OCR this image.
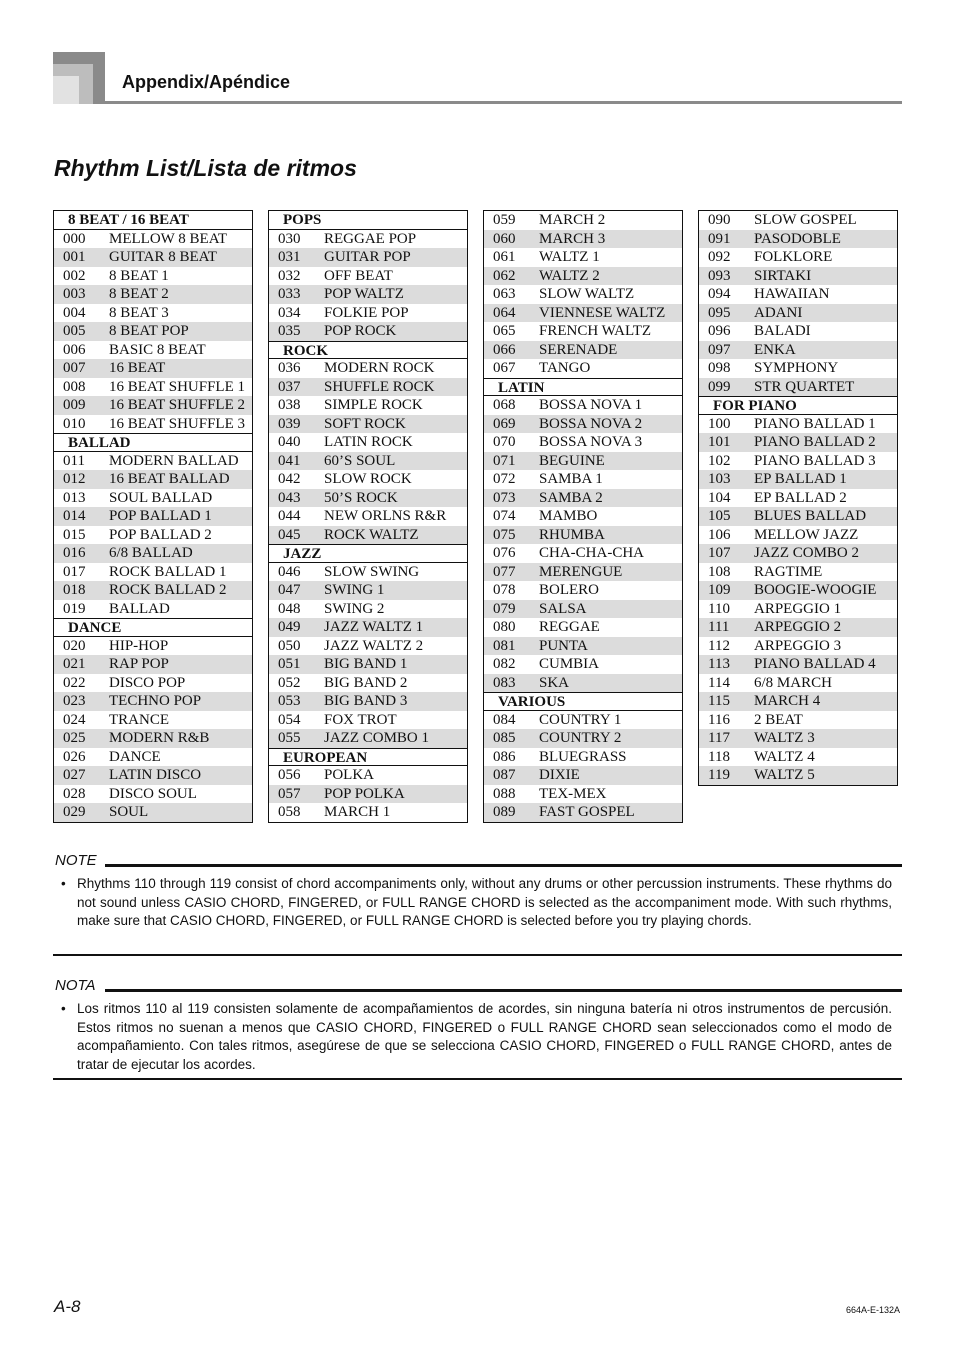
Appendix/Apéndice
Rhythm List/Lista de ritmos
8 BEAT / 16 BEAT
000 MELLOW 8 BEAT
001 GUITAR 8 BEAT
002 8 BEAT 1
003 8 BEAT 2
004 8 BEAT 3
005 8 BEAT POP
006 BASIC 8 BEAT
007 16 BEAT
008 16 BEAT SHUFFLE 1
009 16 BEAT SHUFFLE 2
010 16 BEAT SHUFFLE 3
BALLAD
011 MODERN BALLAD
012 16 BEAT BALLAD
013 SOUL BALLAD
014 POP BALLAD 1
015 POP BALLAD 2
016 6/8 BALLAD
017 ROCK BALLAD 1
018 ROCK BALLAD 2
019 BALLAD
DANCE
020 HIP-HOP
021 RAP POP
022 DISCO POP
023 TECHNO POP
024 TRANCE
025 MODERN R&B
026 DANCE
027 LATIN DISCO
028 DISCO SOUL
029 SOUL
POPS
030 REGGAE POP
031 GUITAR POP
032 OFF BEAT
033 POP WALTZ
034 FOLKIE POP
035 POP ROCK
ROCK
036 MODERN ROCK
037 SHUFFLE ROCK
038 SIMPLE ROCK
039 SOFT ROCK
040 LATIN ROCK
041 60’S SOUL
042 SLOW ROCK
043 50’S ROCK
044 NEW ORLNS R&R
045 ROCK WALTZ
JAZZ
046 SLOW SWING
047 SWING 1
048 SWING 2
049 JAZZ WALTZ 1
050 JAZZ WALTZ 2
051 BIG BAND 1
052 BIG BAND 2
053 BIG BAND 3
054 FOX TROT
055 JAZZ COMBO 1
EUROPEAN
056 POLKA
057 POP POLKA
058 MARCH 1
059 MARCH 2
060 MARCH 3
061 WALTZ 1
062 WALTZ 2
063 SLOW WALTZ
064 VIENNESE WALTZ
065 FRENCH WALTZ
066 SERENADE
067 TANGO
LATIN
068 BOSSA NOVA 1
069 BOSSA NOVA 2
070 BOSSA NOVA 3
071 BEGUINE
072 SAMBA 1
073 SAMBA 2
074 MAMBO
075 RHUMBA
076 CHA-CHA-CHA
077 MERENGUE
078 BOLERO
079 SALSA
080 REGGAE
081 PUNTA
082 CUMBIA
083 SKA
VARIOUS
084 COUNTRY 1
085 COUNTRY 2
086 BLUEGRASS
087 DIXIE
088 TEX-MEX
089 FAST GOSPEL
090 SLOW GOSPEL
091 PASODOBLE
092 FOLKLORE
093 SIRTAKI
094 HAWAIIAN
095 ADANI
096 BALADI
097 ENKA
098 SYMPHONY
099 STR QUARTET
FOR PIANO
100 PIANO BALLAD 1
101 PIANO BALLAD 2
102 PIANO BALLAD 3
103 EP BALLAD 1
104 EP BALLAD 2
105 BLUES BALLAD
106 MELLOW JAZZ
107 JAZZ COMBO 2
108 RAGTIME
109 BOOGIE-WOOGIE
110 ARPEGGIO 1
111 ARPEGGIO 2
112 ARPEGGIO 3
113 PIANO BALLAD 4
114 6/8 MARCH
115 MARCH 4
116 2 BEAT
117 WALTZ 3
118 WALTZ 4
119 WALTZ 5
NOTE
• Rhythms 110 through 119 consist of chord accompaniments only, without any drums or other percussion instruments. These rhythms do not sound unless CASIO CHORD, FINGERED, or FULL RANGE CHORD is selected as the accompaniment mode. With such rhythms, make sure that CASIO CHORD, FINGERED, or FULL RANGE CHORD is selected before you try playing chords.
NOTA
• Los ritmos 110 al 119 consisten solamente de acompañamientos de acordes, sin ninguna batería ni otros instrumentos de percusión. Estos ritmos no suenan a menos que CASIO CHORD, FINGERED o FULL RANGE CHORD sean seleccionados como el modo de acompañamiento. Con tales ritmos, asegúrese de que se selecciona CASIO CHORD, FINGERED o FULL RANGE CHORD, antes de tratar de ejecutar los acordes.
A-8	664A-E-132A
